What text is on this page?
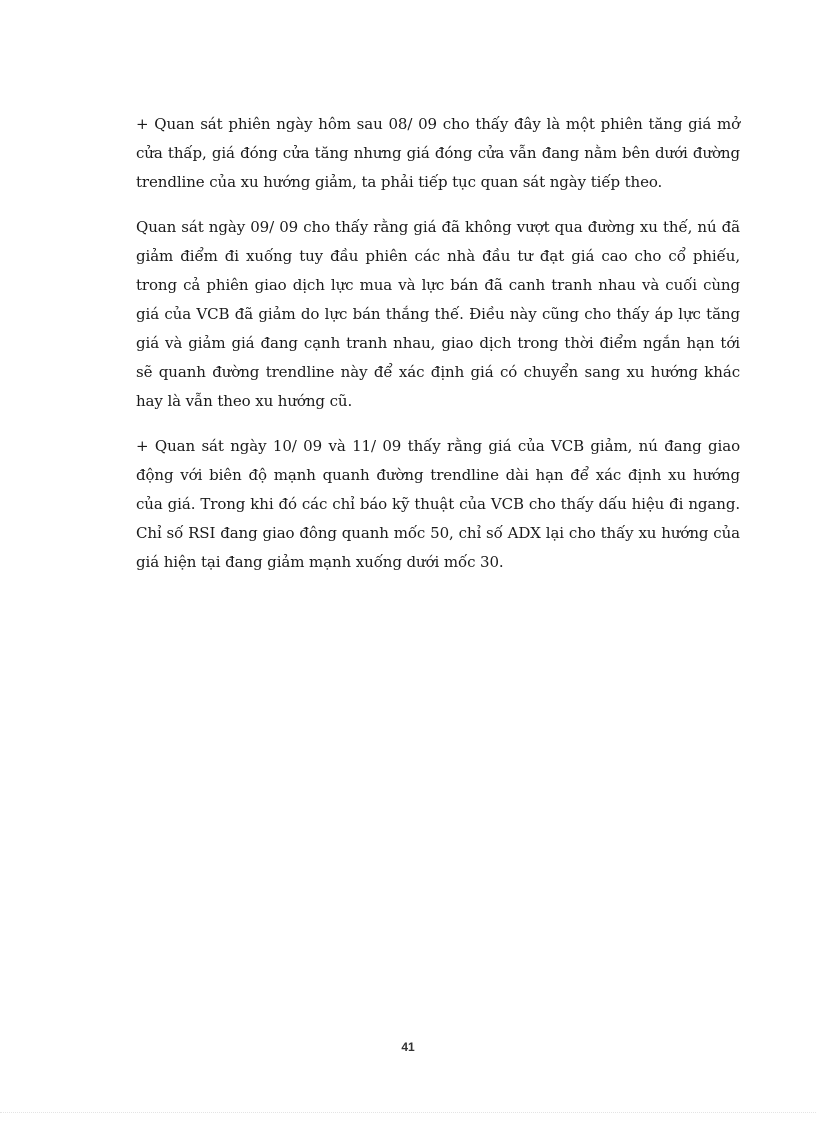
+ Quan sát phiên ngày hôm sau 08/ 09 cho thấy đây là một phiên tăng giá mở cửa thấp, giá đóng cửa tăng nhưng giá đóng cửa vẫn đang nằm bên dưới đường trendline của xu hướng giảm, ta phải tiếp tục quan sát ngày tiếp theo.

Quan sát ngày 09/ 09 cho thấy rằng giá đã không vượt qua đường xu thế, nú đã giảm điểm đi xuống tuy đầu phiên các nhà đầu tư đạt giá cao cho cổ phiếu, trong cả phiên giao dịch lực mua và lực bán đã canh tranh nhau và cuối cùng giá của VCB đã giảm do lực bán thắng thế. Điều này cũng cho thấy áp lực tăng giá và giảm giá đang cạnh tranh nhau, giao dịch trong thời điểm ngắn hạn tới sẽ quanh đường trendline này để xác định giá có chuyển sang xu hướng khác hay là vẫn theo xu hướng cũ.

+ Quan sát ngày 10/ 09 và 11/ 09 thấy rằng giá của VCB giảm, nú đang giao động với biên độ mạnh quanh đường trendline dài hạn để xác định xu hướng của giá. Trong khi đó các chỉ báo kỹ thuật của VCB cho thấy dấu hiệu đi ngang. Chỉ số RSI đang giao đông quanh mốc 50, chỉ số ADX lại cho thấy xu hướng của giá hiện tại đang giảm mạnh xuống dưới mốc 30.

41
